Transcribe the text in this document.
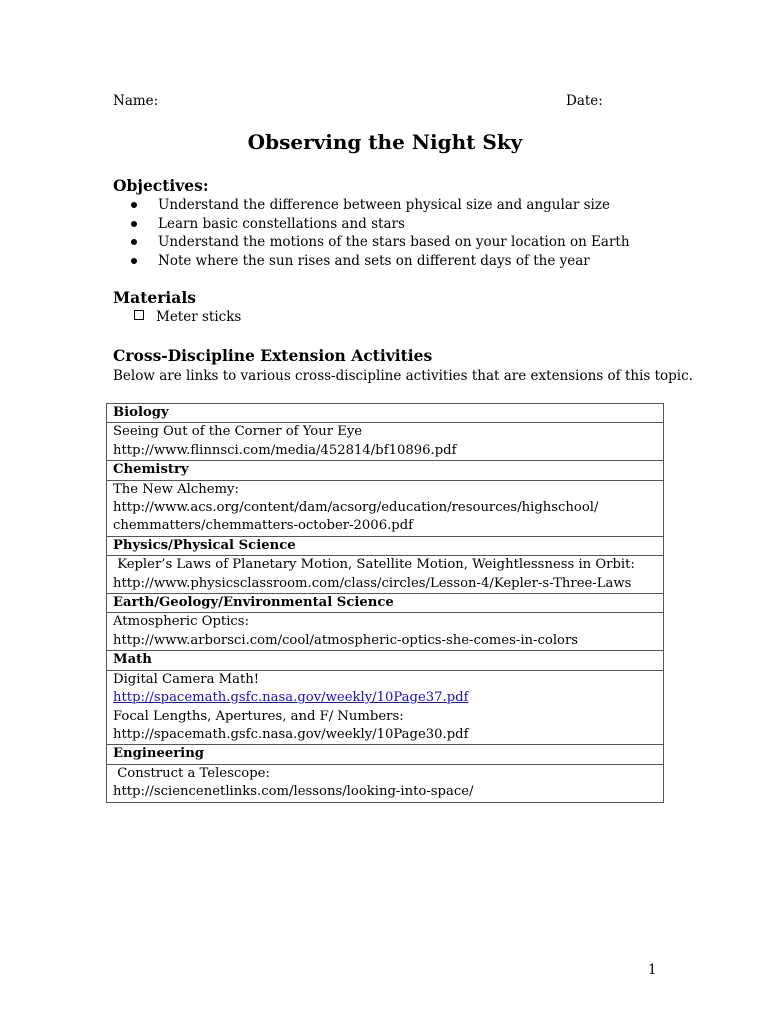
Name:	Date:
Observing the Night Sky
Objectives:
Understand the difference between physical size and angular size
Learn basic constellations and stars
Understand the motions of the stars based on your location on Earth
Note where the sun rises and sets on different days of the year
Materials
Meter sticks
Cross-Discipline Extension Activities
Below are links to various cross-discipline activities that are extensions of this topic.
Biology

Seeing Out of the Corner of Your Eye
http://www.flinnsci.com/media/452814/bf10896.pdf

Chemistry

The New Alchemy:
http://www.acs.org/content/dam/acsorg/education/resources/highschool/
chemmatters/chemmatters-october-2006.pdf

Physics/Physical Science

Kepler’s Laws of Planetary Motion, Satellite Motion, Weightlessness in Orbit:
http://www.physicsclassroom.com/class/circles/Lesson-4/Kepler-s-Three-Laws

Earth/Geology/Environmental Science

Atmospheric Optics:
http://www.arborsci.com/cool/atmospheric-optics-she-comes-in-colors

Math

Digital Camera Math!
http://spacemath.gsfc.nasa.gov/weekly/10Page37.pdf
Focal Lengths, Apertures, and F/ Numbers:
http://spacemath.gsfc.nasa.gov/weekly/10Page30.pdf

Engineering

Construct a Telescope:
http://sciencenetlinks.com/lessons/looking-into-space/
1
